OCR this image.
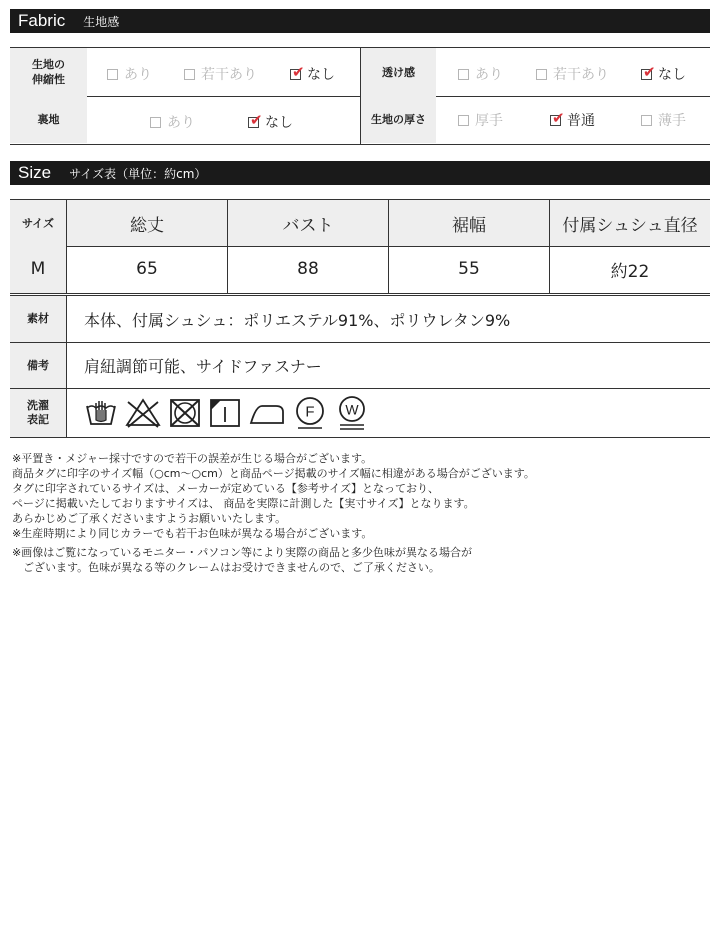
Fabric 生地感
生地の
伸縮性	あり	若干あり ✔ なし	透け感	あり	若干あり ✔ なし
裏地	あり	✔ なし	生地の厚さ	厚手	✔ 普通	薄手
Size サイズ表（単位：約cm）
サイズ	総丈	バスト	裾幅	付属シュシュ直径
M	65	88	55	約22
素材	本体、付属シュシュ：ポリエステル91%、ポリウレタン9%
備考	肩紐調節可能、サイドファスナー
洗濯
表記	F W

※平置き・メジャー採寸ですので若干の誤差が生じる場合がございます。

商品タグに印字のサイズ幅（○cm～○cm）と商品ページ掲載のサイズ幅に相違がある場合がございます。

タグに印字されているサイズは、メーカーが定めている【参考サイズ】となっており、

ページに掲載いたしておりますサイズは、 商品を実際に計測した【実寸サイズ】となります。

あらかじめご了承くださいますようお願いいたします。

※生産時期により同じカラーでも若干お色味が異なる場合がございます。

※画像はご覧になっているモニター・パソコン等により実際の商品と多少色味が異なる場合が

　ございます。色味が異なる等のクレームはお受けできませんので、ご了承ください。
